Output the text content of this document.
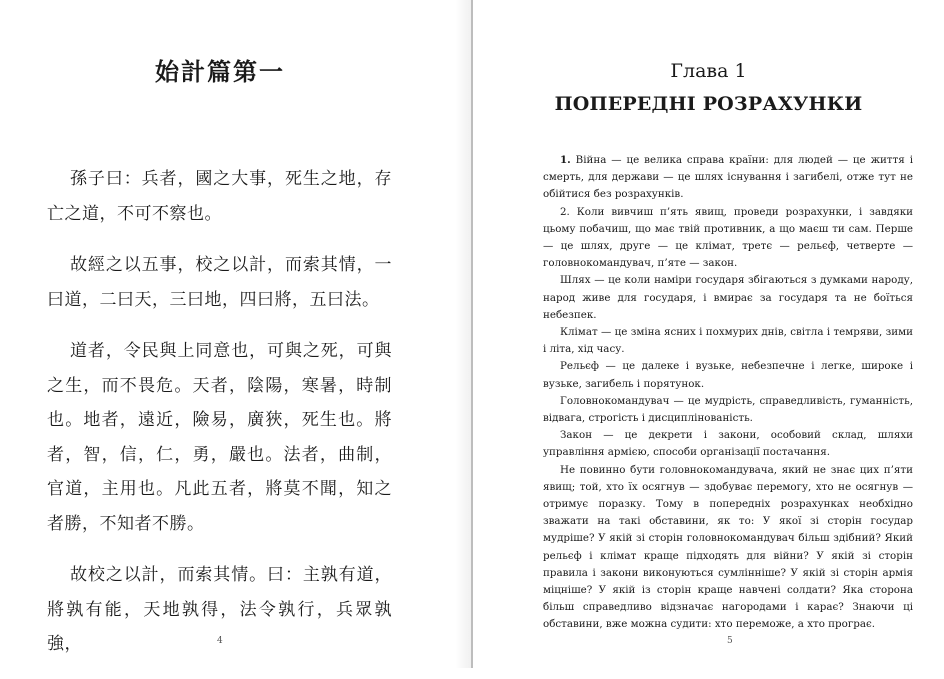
始計篇第一

孫子曰：兵者，國之大事，死生之地，存亡之道，不可不察也。

故經之以五事，校之以計，而索其情，一曰道，二曰天，三曰地，四曰將，五曰法。

道者，令民與上同意也，可與之死，可與之生，而不畏危。天者，陰陽，寒暑，時制也。地者，遠近，險易，廣狹，死生也。將者，智，信，仁，勇，嚴也。法者，曲制，官道，主用也。凡此五者，將莫不聞，知之者勝，不知者不勝。

故校之以計，而索其情。曰：主孰有道，將孰有能，天地孰得，法令孰行，兵眾孰強，	4

Глава 1
ПОПЕРЕДНІ РОЗРАХУНКИ

1. Війна — це велика справа країни: для людей — це життя і смерть, для держави — це шлях існування і загибелі, отже тут не обійтися без розрахунків.

2. Коли вивчиш п’ять явищ, проведи розрахунки, і завдяки цьому побачиш, що має твій противник, а що маєш ти сам. Перше — це шлях, друге — це клімат, третє — рельєф, четверте — головнокомандувач, п’яте — закон.

Шлях — це коли наміри государя збігаються з думками народу, народ живе для государя, і вмирає за государя та не боїться небезпек.

Клімат — це зміна ясних і похмурих днів, світла і темряви, зими і літа, хід часу.

Рельєф — це далеке і вузьке, небезпечне і легке, широке і вузьке, загибель і порятунок.

Головнокомандувач — це мудрість, справедливість, гуманність, відвага, строгість і дисциплінованість.

Закон — це декрети і закони, особовий склад, шляхи управління армією, способи організації постачання.

Не повинно бути головнокомандувача, який не знає цих п’яти явищ; той, хто їх осягнув — здобуває перемогу, хто не осягнув — отримує поразку. Тому в попередніх розрахунках необхідно зважати на такі обставини, як то: У якої зі сторін государ мудріше? У якій зі сторін головнокомандувач більш здібний? Який рельєф і клімат краще підходять для війни? У якій зі сторін правила і закони виконуються сумлінніше? У якій зі сторін армія міцніше? У якій із сторін краще навчені солдати? Яка сторона більш справедливо відзначає нагородами і карає? Знаючи ці обставини, вже можна судити: хто переможе, а хто програє.

5
